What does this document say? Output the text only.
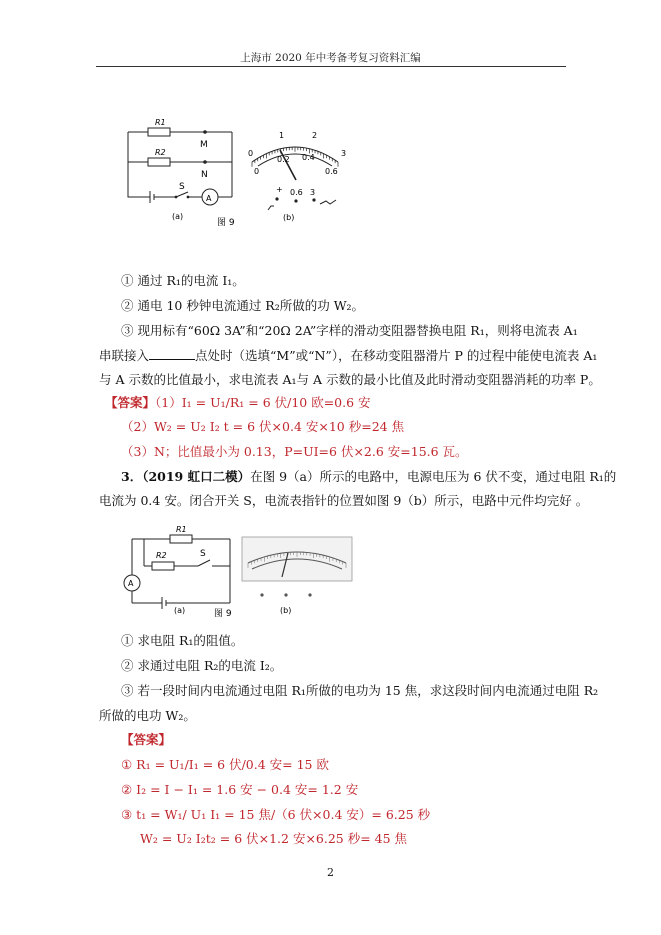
上海市 2020 年中考备考复习资料汇编
R1
R2
M
N
S
A
(a)
图 9
0
1	2
3
0
0.2 0.4
0.6
+ 0.6 3
(b)
① 通过 R₁的电流 I₁。
② 通电 10 秒钟电流通过 R₂所做的功 W₂。
③ 现用标有“60Ω 3A”和“20Ω 2A”字样的滑动变阻器替换电阻 R₁，则将电流表 A₁
串联接入	点处时（选填“M”或“N”），在移动变阻器滑片 P 的过程中能使电流表 A₁
与 A 示数的比值最小，求电流表 A₁与 A 示数的最小比值及此时滑动变阻器消耗的功率 P。
【答案】（1）I₁ = U₁/R₁ = 6 伏/10 欧=0.6 安
（2）W₂ = U₂ I₂ t = 6 伏×0.4 安×10 秒=24 焦
（3）N；比值最小为 0.13，P=UI=6 伏×2.6 安=15.6 瓦。
3．（2019 虹口二模）在图 9（a）所示的电路中，电源电压为 6 伏不变，通过电阻 R₁的
电流为 0.4 安。闭合开关 S，电流表指针的位置如图 9（b）所示，电路中元件均完好 。
R1
R2	S
A
(a)	图 9	(b)
① 求电阻 R₁的阻值。
② 求通过电阻 R₂的电流 I₂。
③ 若一段时间内电流通过电阻 R₁所做的电功为 15 焦，求这段时间内电流通过电阻 R₂
所做的电功 W₂。
【答案】
① R₁ = U₁/I₁ = 6 伏/0.4 安= 15 欧
② I₂ = I − I₁ = 1.6 安 − 0.4 安= 1.2 安
③ t₁ = W₁/ U₁ I₁ = 15 焦/（6 伏×0.4 安）= 6.25 秒
W₂ = U₂ I₂t₂ = 6 伏×1.2 安×6.25 秒= 45 焦
2
